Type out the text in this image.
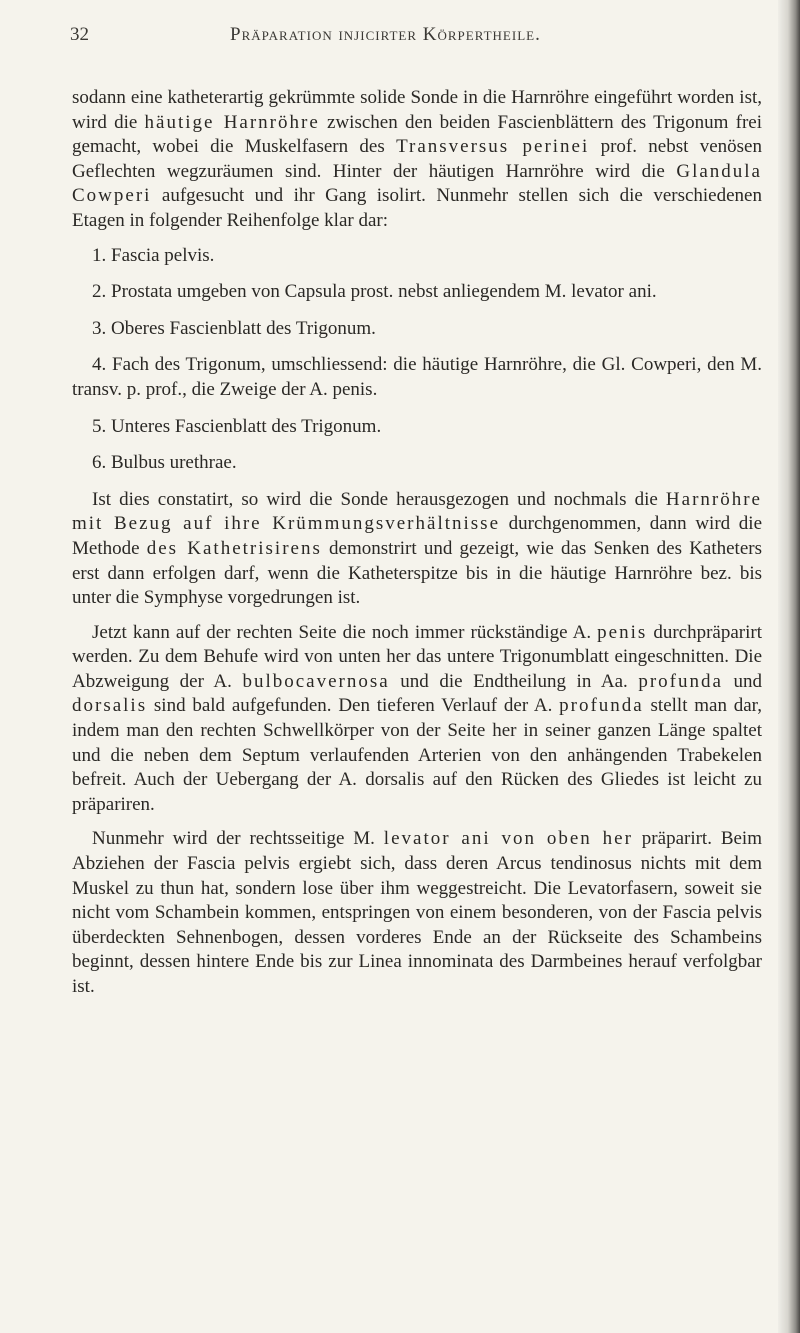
32	Präparation injicirter Körpertheile.

sodann eine katheterartig gekrümmte solide Sonde in die Harnröhre eingeführt worden ist, wird die häutige Harnröhre zwischen den beiden Fascienblättern des Trigonum frei gemacht, wobei die Muskelfasern des Transversus perinei prof. nebst venösen Geflechten wegzuräumen sind. Hinter der häutigen Harnröhre wird die Glandula Cowperi aufgesucht und ihr Gang isolirt. Nunmehr stellen sich die verschiedenen Etagen in folgender Reihenfolge klar dar:

1. Fascia pelvis.

2. Prostata umgeben von Capsula prost. nebst anliegendem M. levator ani.

3. Oberes Fascienblatt des Trigonum.

4. Fach des Trigonum, umschliessend: die häutige Harnröhre, die Gl. Cowperi, den M. transv. p. prof., die Zweige der A. penis.

5. Unteres Fascienblatt des Trigonum.

6. Bulbus urethrae.

Ist dies constatirt, so wird die Sonde herausgezogen und nochmals die Harnröhre mit Bezug auf ihre Krümmungsverhältnisse durchgenommen, dann wird die Methode des Kathetrisirens demonstrirt und gezeigt, wie das Senken des Katheters erst dann erfolgen darf, wenn die Katheterspitze bis in die häutige Harnröhre bez. bis unter die Symphyse vorgedrungen ist.

Jetzt kann auf der rechten Seite die noch immer rückständige A. penis durchpräparirt werden. Zu dem Behufe wird von unten her das untere Trigonumblatt eingeschnitten. Die Abzweigung der A. bulbocavernosa und die Endtheilung in Aa. profunda und dorsalis sind bald aufgefunden. Den tieferen Verlauf der A. profunda stellt man dar, indem man den rechten Schwellkörper von der Seite her in seiner ganzen Länge spaltet und die neben dem Septum verlaufenden Arterien von den anhängenden Trabekelen befreit. Auch der Uebergang der A. dorsalis auf den Rücken des Gliedes ist leicht zu präpariren.

Nunmehr wird der rechtsseitige M. levator ani von oben her präparirt. Beim Abziehen der Fascia pelvis ergiebt sich, dass deren Arcus tendinosus nichts mit dem Muskel zu thun hat, sondern lose über ihm weggestreicht. Die Levatorfasern, soweit sie nicht vom Schambein kommen, entspringen von einem besonderen, von der Fascia pelvis überdeckten Sehnenbogen, dessen vorderes Ende an der Rückseite des Schambeins beginnt, dessen hintere Ende bis zur Linea innominata des Darmbeines herauf verfolgbar ist.
